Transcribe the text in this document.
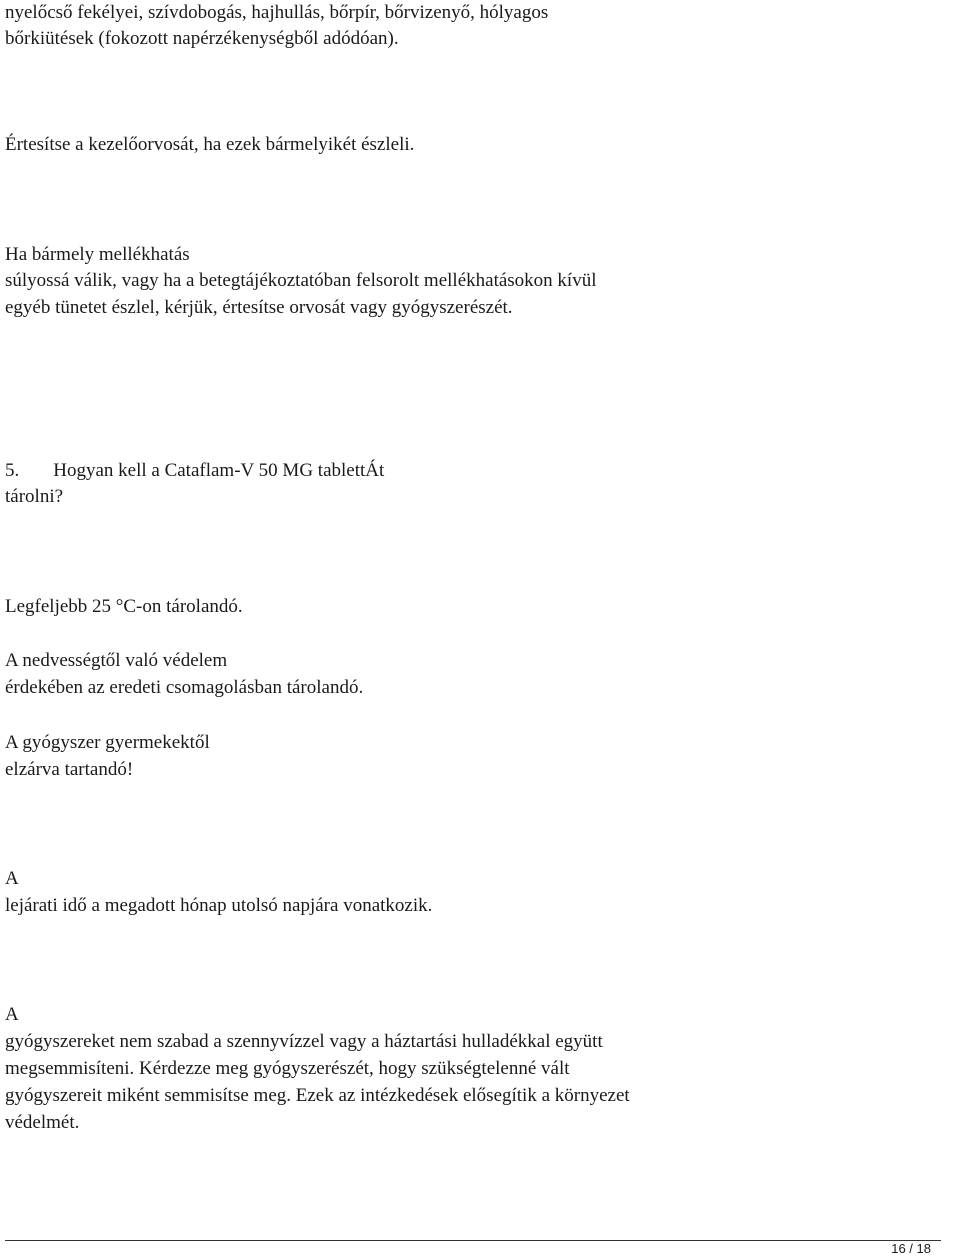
nyelőcső fekélyei, szívdobogás, hajhullás, bőrpír, bőrvizenyő, hólyagos

bőrkiütések (fokozott napérzékenységből adódóan).

Értesítse a kezelőorvosát, ha ezek bármelyikét észleli.

Ha bármely mellékhatás

súlyossá válik, vagy ha a betegtájékoztatóban felsorolt mellékhatásokon kívül

egyéb tünetet észlel, kérjük, értesítse orvosát vagy gyógyszerészét.

5. Hogyan kell a Cataflam-V 50 MG tablettÁt

tárolni?

Legfeljebb 25 °C-on tárolandó.

A nedvességtől való védelem

érdekében az eredeti csomagolásban tárolandó.

A gyógyszer gyermekektől

elzárva tartandó!

A

lejárati idő a megadott hónap utolsó napjára vonatkozik.

A

gyógyszereket nem szabad a szennyvízzel vagy a háztartási hulladékkal együtt

megsemmisíteni. Kérdezze meg gyógyszerészét, hogy szükségtelenné vált

gyógyszereit miként semmisítse meg. Ezek az intézkedések elősegítik a környezet

védelmét.

16 / 18
